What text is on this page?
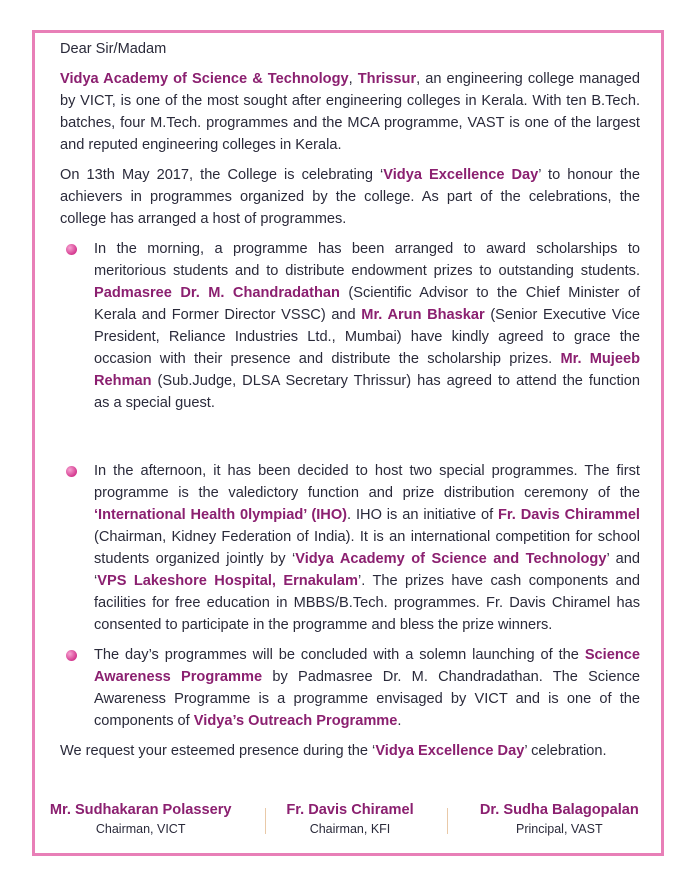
Dear Sir/Madam

Vidya Academy of Science & Technology, Thrissur, an engineering college managed by VICT, is one of the most sought after engineering colleges in Kerala. With ten B.Tech. batches, four M.Tech. programmes and the MCA programme, VAST is one of the largest and reputed engineering colleges in Kerala.

On 13th May 2017, the College is celebrating ‘Vidya Excellence Day’ to honour the achievers in programmes organized by the college. As part of the celebrations, the college has arranged a host of programmes.

In the morning, a programme has been arranged to award scholarships to meritorious students and to distribute endowment prizes to outstanding students. Padmasree Dr. M. Chandradathan (Scientific Advisor to the Chief Minister of Kerala and Former Director VSSC) and Mr. Arun Bhaskar (Senior Executive Vice President, Reliance Industries Ltd., Mumbai) have kindly agreed to grace the occasion with their presence and distribute the scholarship prizes. Mr. Mujeeb Rehman (Sub.Judge, DLSA Secretary Thrissur) has agreed to attend the function as a special guest.

In the afternoon, it has been decided to host two special programmes. The first programme is the valedictory function and prize distribution ceremony of the ‘International Health 0lympiad’ (IHO). IHO is an initiative of Fr. Davis Chirammel (Chairman, Kidney Federation of India). It is an international competition for school students organized jointly by ‘Vidya Academy of Science and Technology’ and ‘VPS Lakeshore Hospital, Ernakulam’. The prizes have cash components and facilities for free education in MBBS/B.Tech. programmes. Fr. Davis Chiramel has consented to participate in the programme and bless the prize winners.

The day’s programmes will be concluded with a solemn launching of the Science Awareness Programme by Padmasree Dr. M. Chandradathan. The Science Awareness Programme is a programme envisaged by VICT and is one of the components of Vidya’s Outreach Programme.

We request your esteemed presence during the ‘Vidya Excellence Day’ celebration.

Mr. Sudhakaran Polassery
Chairman, VICT
Fr. Davis Chiramel
Chairman, KFI
Dr. Sudha Balagopalan
Principal, VAST
